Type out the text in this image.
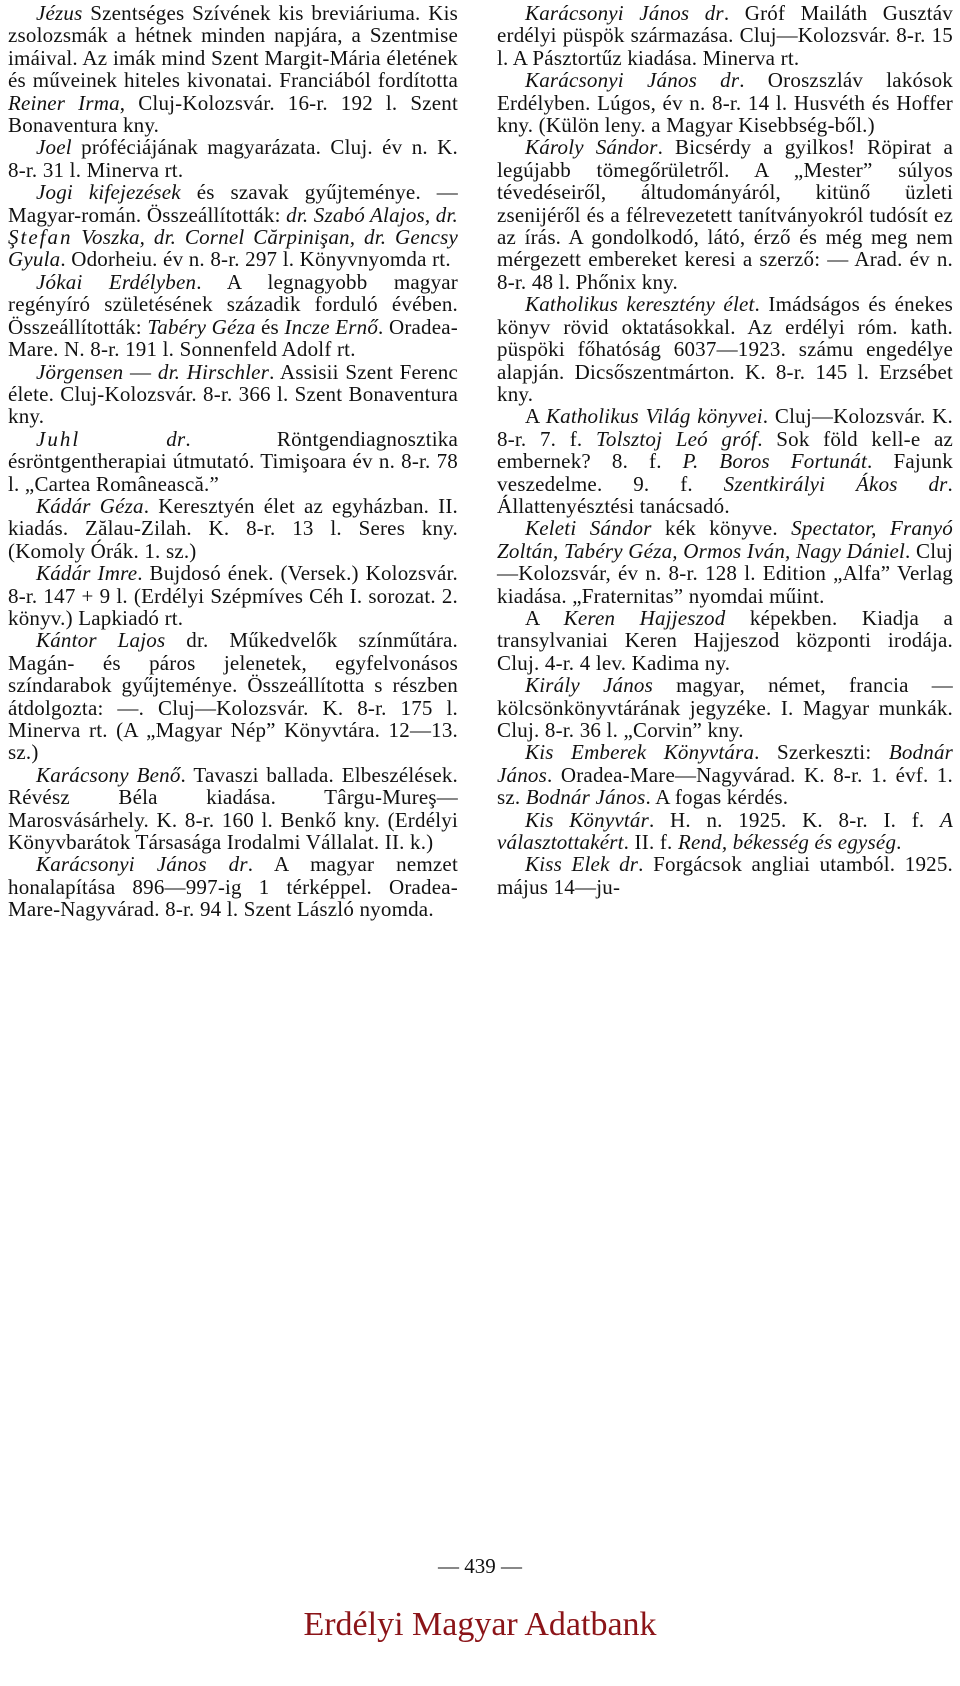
Jézus Szentséges Szívének kis breviáriuma. Kis zsolozsmák a hétnek minden napjára, a Szentmise imáival. Az imák mind Szent Margit-Mária életének és műveinek hiteles kivonatai. Franciából fordította Reiner Irma, Cluj-Kolozsvár. 16-r. 192 l. Szent Bonaventura kny.

Joel próféciájának magyarázata. Cluj. év n. K. 8-r. 31 l. Minerva rt.

Jogi kifejezések és szavak gyűjteménye. — Magyar-román. Összeállították: dr. Szabó Alajos, dr. Ştefan Voszka, dr. Cornel Cărpinişan, dr. Gencsy Gyula. Odorheiu. év n. 8-r. 297 l. Könyvnyomda rt.

Jókai Erdélyben. A legnagyobb magyar regényíró születésének századik forduló évében. Összeállították: Tabéry Géza és Incze Ernő. Oradea-Mare. N. 8-r. 191 l. Sonnenfeld Adolf rt.

Jörgensen — dr. Hirschler. Assisii Szent Ferenc élete. Cluj-Kolozsvár. 8-r. 366 l. Szent Bonaventura kny.

Juhl	dr. Röntgendiagnosztika ésröntgentherapiai útmutató. Timişoara év n. 8-r. 78 l. „Cartea Românească.”

Kádár Géza. Keresztyén élet az egyházban. II. kiadás. Zălau-Zilah. K. 8-r. 13 l. Seres kny. (Komoly Órák. 1. sz.)

Kádár Imre. Bujdosó ének. (Versek.) Kolozsvár. 8-r. 147 + 9 l. (Erdélyi Szépmíves Céh I. sorozat. 2. könyv.) Lapkiadó rt.

Kántor Lajos dr. Műkedvelők színműtára. Magán- és páros jelenetek, egyfelvonásos színdarabok gyűjteménye. Összeállította s részben átdolgozta: —. Cluj—Kolozsvár. K. 8-r. 175 l. Minerva rt. (A „Magyar Nép” Könyvtára. 12—13. sz.)

Karácsony Benő. Tavaszi ballada. Elbeszélések. Révész Béla kiadása. Târgu-Mureş—Marosvásárhely. K. 8-r. 160 l. Benkő kny. (Erdélyi Könyvbarátok Társasága Irodalmi Vállalat. II. k.)

Karácsonyi János dr. A magyar nemzet honalapítása 896—997-ig 1 térképpel. Oradea-Mare-Nagyvárad. 8-r. 94 l. Szent László nyomda.

Karácsonyi János dr. Gróf Mailáth Gusztáv erdélyi püspök származása. Cluj—Kolozsvár. 8-r. 15 l. A Pásztortűz kiadása. Minerva rt.

Karácsonyi János dr. Oroszszláv lakósok Erdélyben. Lúgos, év n. 8-r. 14 l. Husvéth és Hoffer kny. (Külön leny. a Magyar Kisebbség-ből.)

Károly Sándor. Bicsérdy a gyilkos! Röpirat a legújabb tömegőrületről. A „Mester” súlyos tévedéseiről, áltudományáról, kitünő üzleti zsenijéről és a félrevezetett tanítványokról tudósít ez az írás. A gondolkodó, látó, érző és még meg nem mérgezett embereket keresi a szerző: — Arad. év n. 8-r. 48 l. Phőnix kny.

Katholikus keresztény élet. Imádságos és énekes könyv rövid oktatásokkal. Az erdélyi róm. kath. püspöki főhatóság 6037—1923. számu engedélye alapján. Dicsőszentmárton. K. 8-r. 145 l. Erzsébet kny.

A Katholikus Világ könyvei. Cluj—Kolozsvár. K. 8-r. 7. f. Tolsztoj Leó gróf. Sok föld kell-e az embernek? 8. f. P. Boros Fortunát. Fajunk veszedelme. 9. f. Szentkirályi Ákos dr. Állattenyésztési tanácsadó.

Keleti Sándor kék könyve. Spectator, Franyó Zoltán, Tabéry Géza, Ormos Iván, Nagy Dániel. Cluj—Kolozsvár, év n. 8-r. 128 l. Edition „Alfa” Verlag kiadása. „Fraternitas” nyomdai műint.

A Keren Hajjeszod képekben. Kiadja a transylvaniai Keren Hajjeszod központi irodája. Cluj. 4-r. 4 lev. Kadima ny.

Király János magyar, német, francia — kölcsönkönyvtárának jegyzéke. I. Magyar munkák. Cluj. 8-r. 36 l. „Corvin” kny.

Kis Emberek Könyvtára. Szerkeszti: Bodnár János. Oradea-Mare—Nagyvárad. K. 8-r. 1. évf. 1. sz. Bodnár János. A fogas kérdés.

Kis Könyvtár. H. n. 1925. K. 8-r. I. f. A választottakért. II. f. Rend, békesség és egység.

Kiss Elek dr. Forgácsok angliai utamból. 1925. május 14—ju-

— 439 —
Erdélyi Magyar Adatbank
